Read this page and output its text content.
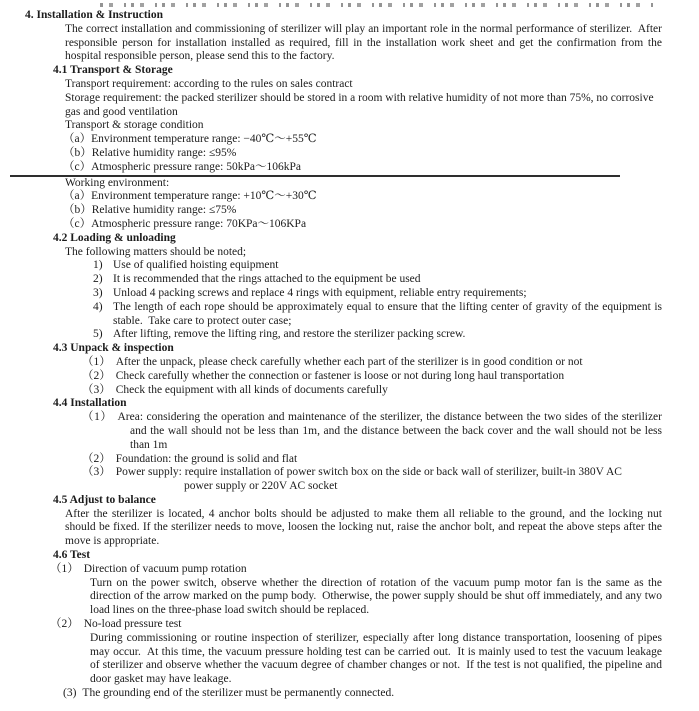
4. Installation & Instruction
The correct installation and commissioning of sterilizer will play an important role in the normal performance of sterilizer.  After responsible person for installation installed as required, fill in the installation work sheet and get the confirmation from the hospital responsible person, please send this to the factory.
4.1 Transport & Storage
Transport requirement: according to the rules on sales contract
Storage requirement: the packed sterilizer should be stored in a room with relative humidity of not more than 75%, no corrosive gas and good ventilation
Transport & storage condition
（a）Environment temperature range: −40℃～+55℃
（b）Relative humidity range: ≤95%
（c）Atmospheric pressure range: 50kPa～106kPa
Working environment:
（a）Environment temperature range: +10℃～+30℃
（b）Relative humidity range: ≤75%
（c）Atmospheric pressure range: 70KPa～106KPa
4.2 Loading & unloading
The following matters should be noted;
1) Use of qualified hoisting equipment
2) It is recommended that the rings attached to the equipment be used
3) Unload 4 packing screws and replace 4 rings with equipment, reliable entry requirements;
4) The length of each rope should be approximately equal to ensure that the lifting center of gravity of the equipment is stable.  Take care to protect outer case;
5) After lifting, remove the lifting ring, and restore the sterilizer packing screw.
4.3 Unpack & inspection
（1） After the unpack, please check carefully whether each part of the sterilizer is in good condition or not
（2） Check carefully whether the connection or fastener is loose or not during long haul transportation
（3） Check the equipment with all kinds of documents carefully
4.4 Installation
（1） Area: considering the operation and maintenance of the sterilizer, the distance between the two sides of the sterilizer and the wall should not be less than 1m, and the distance between the back cover and the wall should not be less than 1m
（2） Foundation: the ground is solid and flat
（3） Power supply: require installation of power switch box on the side or back wall of sterilizer, built-in 380V AC
power supply or 220V AC socket
4.5 Adjust to balance
After the sterilizer is located, 4 anchor bolts should be adjusted to make them all reliable to the ground, and the locking nut should be fixed. If the sterilizer needs to move, loosen the locking nut, raise the anchor bolt, and repeat the above steps after the move is appropriate.
4.6 Test
（1） Direction of vacuum pump rotation
Turn on the power switch, observe whether the direction of rotation of the vacuum pump motor fan is the same as the direction of the arrow marked on the pump body.  Otherwise, the power supply should be shut off immediately, and any two load lines on the three-phase load switch should be replaced.
（2） No-load pressure test
During commissioning or routine inspection of sterilizer, especially after long distance transportation, loosening of pipes may occur.  At this time, the vacuum pressure holding test can be carried out.  It is mainly used to test the vacuum leakage of sterilizer and observe whether the vacuum degree of chamber changes or not.  If the test is not qualified, the pipeline and door gasket may have leakage.
(3) The grounding end of the sterilizer must be permanently connected.
